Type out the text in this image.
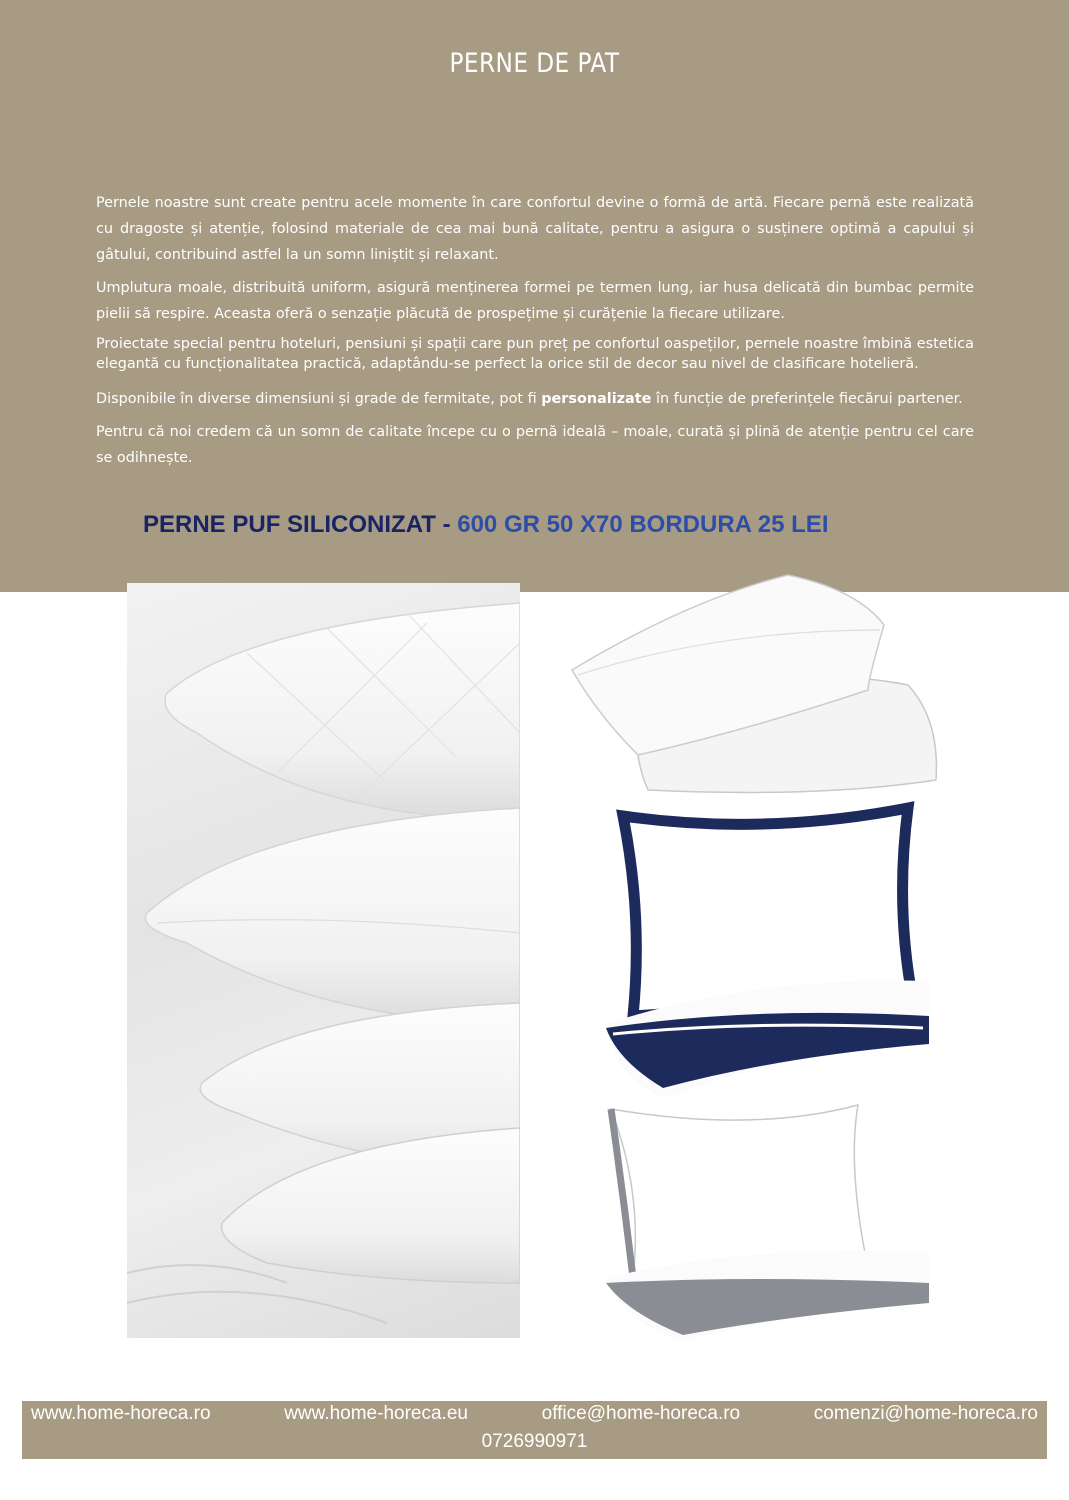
PERNE DE PAT

Pernele noastre sunt create pentru acele momente în care confortul devine o formă de artă. Fiecare pernă este realizată cu dragoste și atenție, folosind materiale de cea mai bună calitate, pentru a asigura o susținere optimă a capului și gâtului, contribuind astfel la un somn liniștit și relaxant.

Umplutura moale, distribuită uniform, asigură menținerea formei pe termen lung, iar husa delicată din bumbac permite pielii să respire. Aceasta oferă o senzație plăcută de prospețime și curățenie la fiecare utilizare.

Proiectate special pentru hoteluri, pensiuni și spații care pun preț pe confortul oaspeților, pernele noastre îmbină estetica elegantă cu funcționalitatea practică, adaptându-se perfect la orice stil de decor sau nivel de clasificare hotelieră.

Disponibile în diverse dimensiuni și grade de fermitate, pot fi personalizate în funcție de preferințele fiecărui partener.

Pentru că noi credem că un somn de calitate începe cu o pernă ideală – moale, curată și plină de atenție pentru cel care se odihnește.

PERNE PUF SILICONIZAT - 600 GR 50 X70 BORDURA 25 LEI
www.home-horeca.ro	www.home-horeca.eu	office@home-horeca.ro	comenzi@home-horeca.ro
0726990971
